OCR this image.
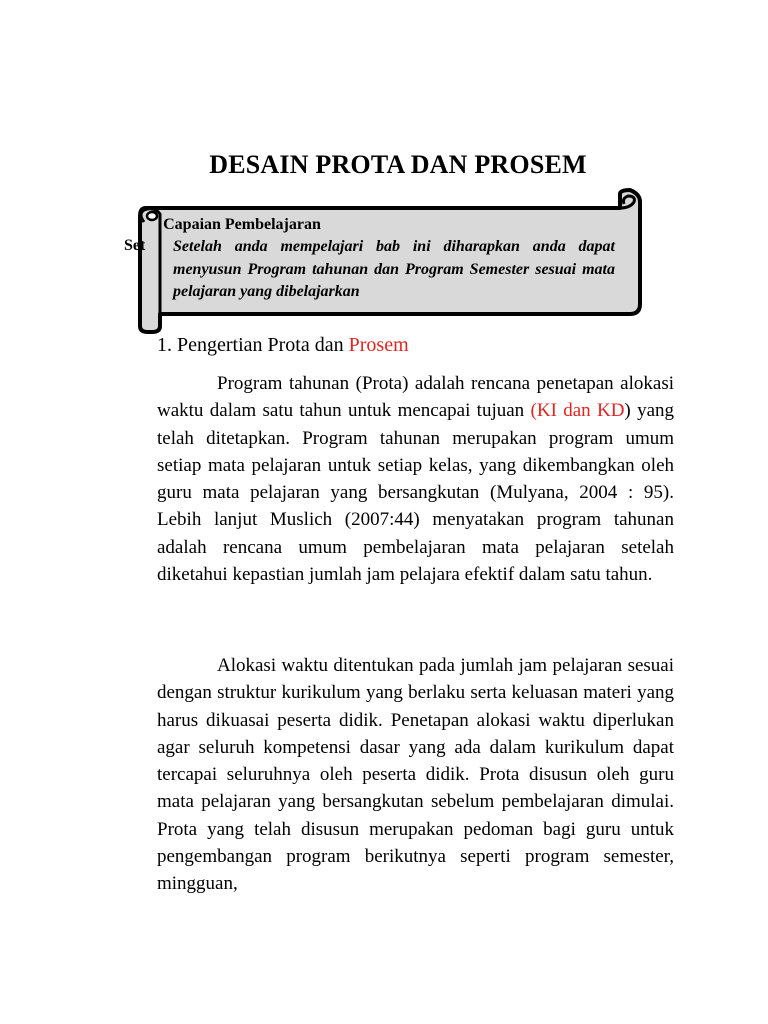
DESAIN PROTA DAN PROSEM
Set
Capaian Pembelajaran
Setelah anda mempelajari bab ini diharapkan anda dapat menyusun Program tahunan dan Program Semester sesuai mata pelajaran yang dibelajarkan
1. Pengertian Prota dan Prosem
Program tahunan (Prota) adalah rencana penetapan alokasi waktu dalam satu tahun untuk mencapai tujuan (KI dan KD) yang telah ditetapkan. Program tahunan merupakan program umum setiap mata pelajaran untuk setiap kelas, yang dikembangkan oleh guru mata pelajaran yang bersangkutan (Mulyana, 2004 : 95). Lebih lanjut Muslich (2007:44) menyatakan program tahunan adalah rencana umum pembelajaran mata pelajaran setelah diketahui kepastian jumlah jam pelajara efektif dalam satu tahun.
Alokasi waktu ditentukan pada jumlah jam pelajaran sesuai dengan struktur kurikulum yang berlaku serta keluasan materi yang harus dikuasai peserta didik. Penetapan alokasi waktu diperlukan agar seluruh kompetensi dasar yang ada dalam kurikulum dapat tercapai seluruhnya oleh peserta didik. Prota disusun oleh guru mata pelajaran yang bersangkutan sebelum pembelajaran dimulai. Prota yang telah disusun merupakan pedoman bagi guru untuk pengembangan program berikutnya seperti program semester, mingguan,
